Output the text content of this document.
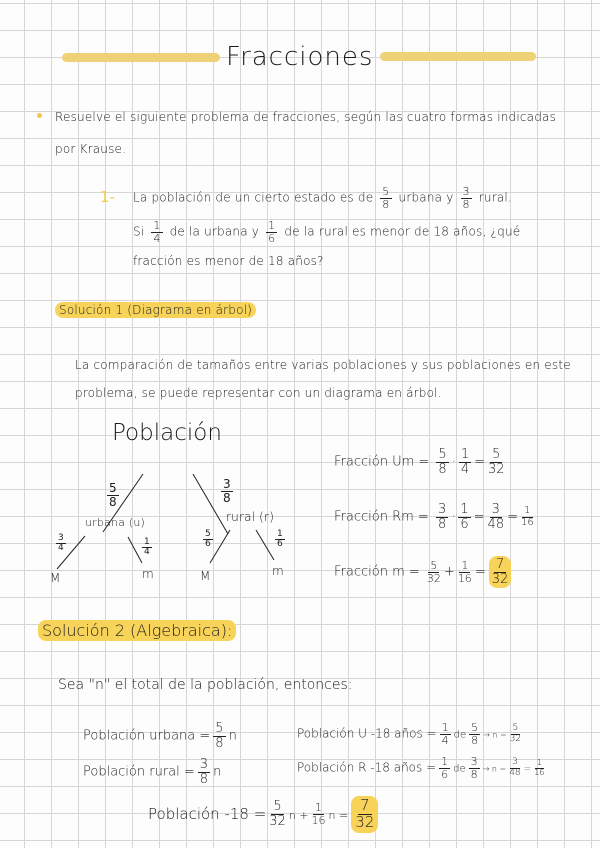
Fracciones
Resuelve el siguiente problema de fracciones, según las cuatro formas indicadas
por Krause.
1- La población de un cierto estado es de $\frac{5}{8}$ urbana y $\frac{3}{8}$ rural.
Si $\frac{1}{4}$ de la urbana y $\frac{1}{6}$ de la rural es menor de 18 años, ¿qué
fracción es menor de 18 años?
Solución 1 (Diagrama en árbol)
La comparación de tamaños entre varias poblaciones y sus poblaciones en este
problema, se puede representar con un diagrama en árbol.
Población
$\frac{5}{8}$	$\frac{3}{8}$
urbana (u)	rural (r)
$\frac{3}{4}$	$\frac{1}{4}$	$\frac{5}{6}$	$\frac{1}{6}$
M	m	M	m
Fracción $Um = \frac{5}{8} \cdot \frac{1}{4} = \frac{5}{32}$
Fracción $Rm = \frac{3}{8} \cdot \frac{1}{6} = \frac{3}{48} = \frac{1}{16}$
Fracción $m = \frac{5}{32} + \frac{1}{16} = \frac{7}{32}$
Solución 2 (Algebraica):
Sea "n" el total de la población, entonces:
Población urbana = $\frac{5}{8}$ n
Población rural = $\frac{3}{8}$ n
Población U -18 años = $\frac{1}{4}$ de $\frac{5}{8} \to n = \frac{5}{32}$
Población R -18 años = $\frac{1}{6}$ de $\frac{3}{8} \to n = \frac{3}{48} = \frac{1}{16}$
Población $-18 = \frac{5}{32}$ $n + \frac{1}{16}$ $n = \frac{7}{32}$
